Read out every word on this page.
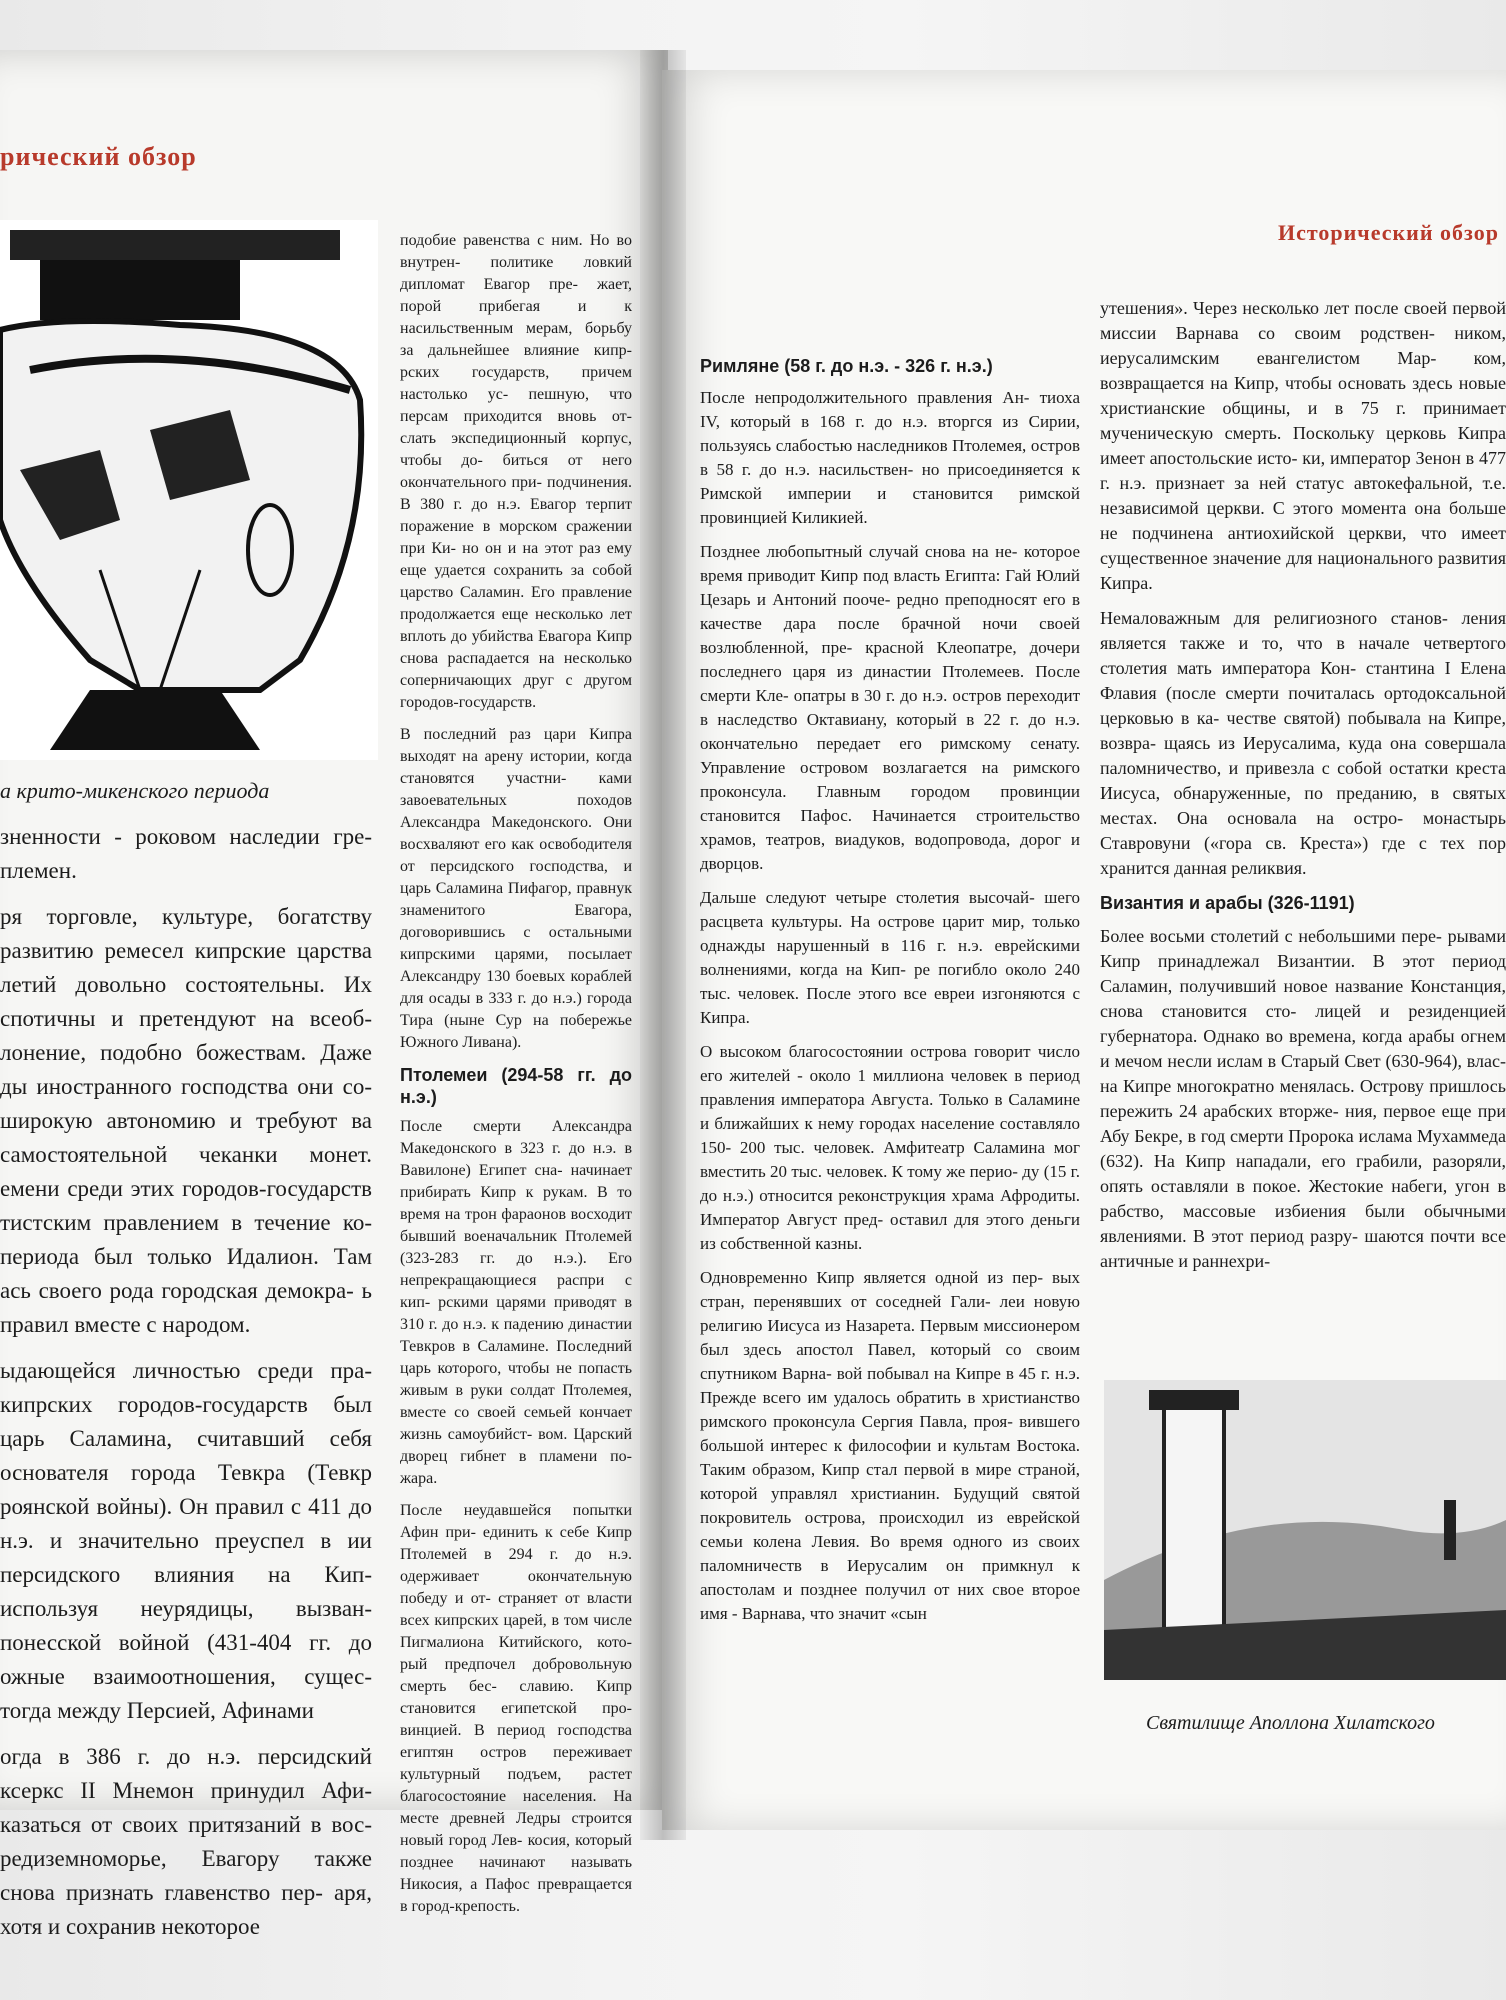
рический обзор
а крито-микенского периода

зненности - роковом наследии гре- племен.

ря торговле, культуре, богатству развитию ремесел кипрские царства летий довольно состоятельны. Их спотичны и претендуют на всеоб- лонение, подобно божествам. Даже ды иностранного господства они со- широкую автономию и требуют ва самостоятельной чеканки монет. емени среди этих городов-государств тистским правлением в течение ко- периода был только Идалион. Там ась своего рода городская демокра- ь правил вместе с народом.

ыдающейся личностью среди пра- кипрских городов-государств был царь Саламина, считавший себя основателя города Тевкра (Тевкр роянской войны). Он правил с 411 до н.э. и значительно преуспел в ии персидского влияния на Кип- используя неурядицы, вызван- понесской войной (431-404 гг. до ожные взаимоотношения, сущес- тогда между Персией, Афинами

огда в 386 г. до н.э. персидский ксеркс II Мнемон принудил Афи- казаться от своих притязаний в вос- редиземноморье, Евагору также снова признать главенство пер- аря, хотя и сохранив некоторое

подобие равенства с ним. Но во внутрен- политике ловкий дипломат Евагор пре- жает, порой прибегая и к насильственным мерам, борьбу за дальнейшее влияние кипр- рских государств, причем настолько ус- пешную, что персам приходится вновь от- слать экспедиционный корпус, чтобы до- биться от него окончательного при- подчинения. В 380 г. до н.э. Евагор терпит поражение в морском сражении при Ки- но он и на этот раз ему еще удается сохранить за собой царство Саламин. Его правление продолжается еще несколько лет вплоть до убийства Евагора Кипр снова распадается на несколько соперничающих друг с другом городов-государств.

В последний раз цари Кипра выходят на арену истории, когда становятся участни- ками завоевательных походов Александра Македонского. Они восхваляют его как освободителя от персидского господства, и царь Саламина Пифагор, правнук знаменитого Евагора, договорившись с остальными кипрскими царями, посылает Александру 130 боевых кораблей для осады в 333 г. до н.э.) города Тира (ныне Сур на побережье Южного Ливана).

Птолемеи (294-58 гг. до н.э.)

После смерти Александра Македонского в 323 г. до н.э. в Вавилоне) Египет сна- начинает прибирать Кипр к рукам. В то время на трон фараонов восходит бывший военачальник Птолемей (323-283 гг. до н.э.). Его непрекращающиеся распри с кип- рскими царями приводят в 310 г. до н.э. к падению династии Тевкров в Саламине. Последний царь которого, чтобы не попасть живым в руки солдат Птолемея, вместе со своей семьей кончает жизнь самоубийст- вом. Царский дворец гибнет в пламени по- жара.

После неудавшейся попытки Афин при- единить к себе Кипр Птолемей в 294 г. до н.э. одерживает окончательную победу и от- страняет от власти всех кипрских царей, в том числе Пигмалиона Китийского, кото- рый предпочел добровольную смерть бес- славию. Кипр становится египетской про- винцией. В период господства египтян остров переживает культурный подъем, растет благосостояние населения. На месте древней Ледры строится новый город Лев- косия, который позднее начинают называть Никосия, а Пафос превращается в город-крепость.

Исторический обзор
Римляне (58 г. до н.э. - 326 г. н.э.)

После непродолжительного правления Ан- тиоха IV, который в 168 г. до н.э. вторгся из Сирии, пользуясь слабостью наследников Птолемея, остров в 58 г. до н.э. насильствен- но присоединяется к Римской империи и становится римской провинцией Киликией.

Позднее любопытный случай снова на не- которое время приводит Кипр под власть Египта: Гай Юлий Цезарь и Антоний пооче- редно преподносят его в качестве дара после брачной ночи своей возлюбленной, пре- красной Клеопатре, дочери последнего царя из династии Птолемеев. После смерти Кле- опатры в 30 г. до н.э. остров переходит в наследство Октавиану, который в 22 г. до н.э. окончательно передает его римскому сенату. Управление островом возлагается на римского проконсула. Главным городом провинции становится Пафос. Начинается строительство храмов, театров, виадуков, водопровода, дорог и дворцов.

Дальше следуют четыре столетия высочай- шего расцвета культуры. На острове царит мир, только однажды нарушенный в 116 г. н.э. еврейскими волнениями, когда на Кип- ре погибло около 240 тыс. человек. После этого все евреи изгоняются с Кипра.

О высоком благосостоянии острова говорит число его жителей - около 1 миллиона человек в период правления императора Августа. Только в Саламине и ближайших к нему городах население составляло 150- 200 тыс. человек. Амфитеатр Саламина мог вместить 20 тыс. человек. К тому же перио- ду (15 г. до н.э.) относится реконструкция храма Афродиты. Император Август пред- оставил для этого деньги из собственной казны.

Одновременно Кипр является одной из пер- вых стран, перенявших от соседней Гали- леи новую религию Иисуса из Назарета. Первым миссионером был здесь апостол Павел, который со своим спутником Варна- вой побывал на Кипре в 45 г. н.э. Прежде всего им удалось обратить в христианство римского проконсула Сергия Павла, проя- вившего большой интерес к философии и культам Востока. Таким образом, Кипр стал первой в мире страной, которой управлял христианин. Будущий святой покровитель острова, происходил из еврейской семьи колена Левия. Во время одного из своих паломничеств в Иерусалим он примкнул к апостолам и позднее получил от них свое второе имя - Варнава, что значит «сын

утешения». Через несколько лет после своей первой миссии Варнава со своим родствен- ником, иерусалимским евангелистом Мар- ком, возвращается на Кипр, чтобы основать здесь новые христианские общины, и в 75 г. принимает мученическую смерть. Поскольку церковь Кипра имеет апостольские исто- ки, император Зенон в 477 г. н.э. признает за ней статус автокефальной, т.е. независимой церкви. С этого момента она больше не подчинена антиохийской церкви, что имеет существенное значение для национального развития Кипра.

Немаловажным для религиозного станов- ления является также и то, что в начале четвертого столетия мать императора Кон- стантина I Елена Флавия (после смерти почиталась ортодоксальной церковью в ка- честве святой) побывала на Кипре, возвра- щаясь из Иерусалима, куда она совершала паломничество, и привезла с собой остатки креста Иисуса, обнаруженные, по преданию, в святых местах. Она основала на остро- монастырь Ставровуни («гора св. Креста») где с тех пор хранится данная реликвия.

Византия и арабы (326-1191)

Более восьми столетий с небольшими пере- рывами Кипр принадлежал Византии. В этот период Саламин, получивший новое название Констанция, снова становится сто- лицей и резиденцией губернатора. Однако во времена, когда арабы огнем и мечом несли ислам в Старый Свет (630-964), влас- на Кипре многократно менялась. Острову пришлось пережить 24 арабских вторже- ния, первое еще при Абу Бекре, в год смерти Пророка ислама Мухаммеда (632). На Кипр нападали, его грабили, разоряли, опять оставляли в покое. Жестокие набеги, угон в рабство, массовые избиения были обычными явлениями. В этот период разру- шаются почти все античные и раннехри-

Святилище Аполлона Хилатского
